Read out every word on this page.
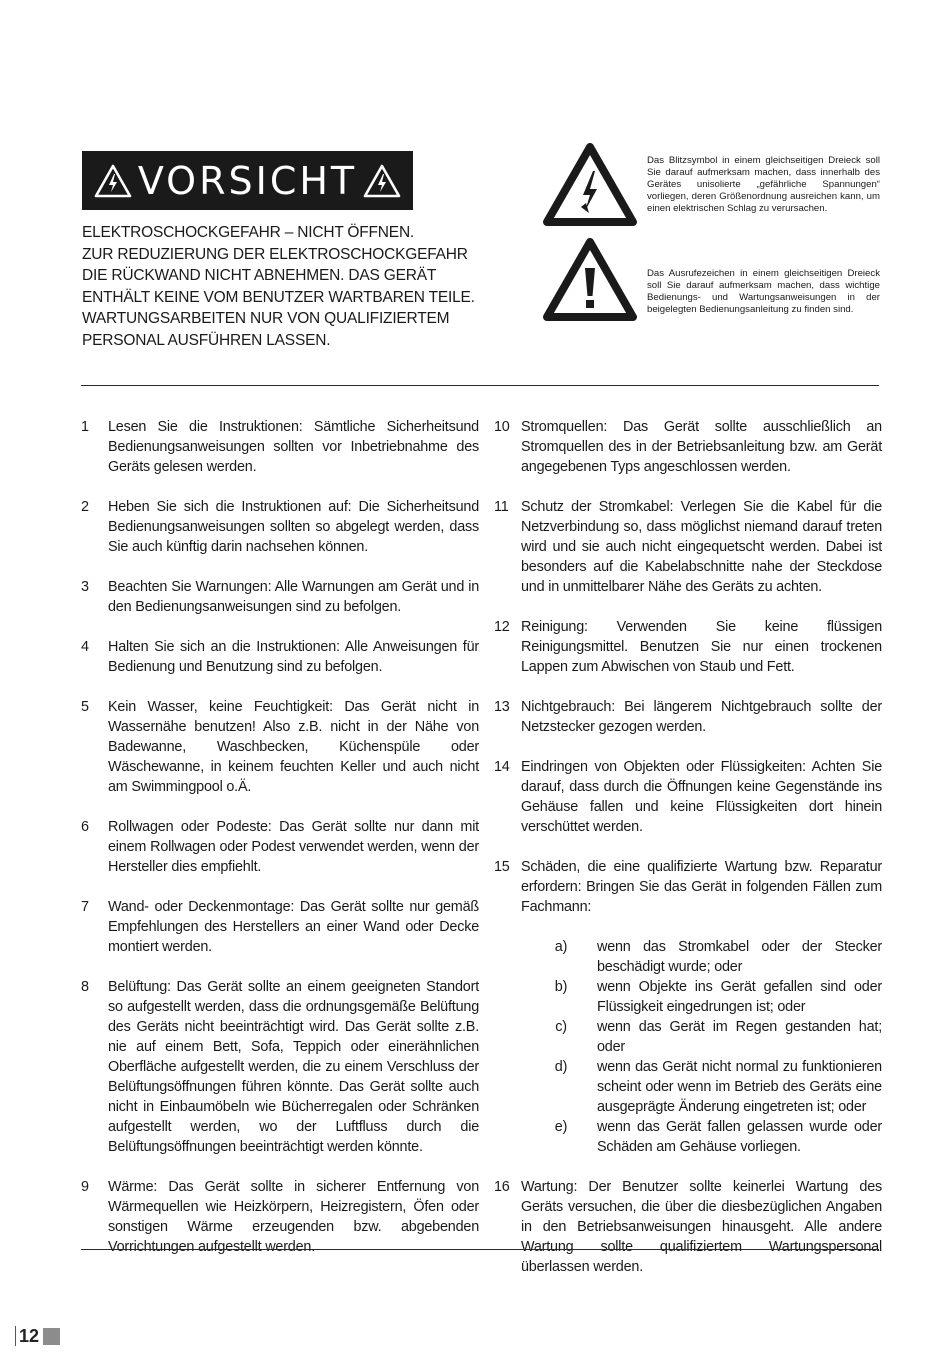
VORSICHT
ELEKTROSCHOCKGEFAHR – NICHT ÖFFNEN.
ZUR REDUZIERUNG DER ELEKTROSCHOCKGEFAHR
DIE RÜCKWAND NICHT ABNEHMEN. DAS GERÄT
ENTHÄLT KEINE VOM BENUTZER WARTBAREN TEILE.
WARTUNGSARBEITEN NUR VON QUALIFIZIERTEM
PERSONAL AUSFÜHREN LASSEN.
Das Blitzsymbol in einem gleichseitigen Dreieck soll Sie darauf aufmerksam machen, dass innerhalb des Gerätes unisolierte „gefährliche Spannungen“ vorliegen, deren Größenordnung ausreichen kann, um einen elektrischen Schlag zu verursachen.
Das Ausrufezeichen in einem gleichseitigen Dreieck soll Sie darauf aufmerksam machen, dass wichtige Bedienungs- und Wartungsanweisungen in der beigelegten Bedienungsanleitung zu finden sind.
1 Lesen Sie die Instruktionen: Sämtliche Sicherheitsund Bedienungsanweisungen sollten vor Inbetriebnahme des Geräts gelesen werden.
2 Heben Sie sich die Instruktionen auf: Die Sicherheitsund Bedienungsanweisungen sollten so abgelegt werden, dass Sie auch künftig darin nachsehen können.
3 Beachten Sie Warnungen: Alle Warnungen am Gerät und in den Bedienungsanweisungen sind zu befolgen.
4 Halten Sie sich an die Instruktionen: Alle Anweisungen für Bedienung und Benutzung sind zu befolgen.
5 Kein Wasser, keine Feuchtigkeit: Das Gerät nicht in Wassernähe benutzen! Also z.B. nicht in der Nähe von Badewanne, Waschbecken, Küchenspüle oder Wäschewanne, in keinem feuchten Keller und auch nicht am Swimmingpool o.Ä.
6 Rollwagen oder Podeste: Das Gerät sollte nur dann mit einem Rollwagen oder Podest verwendet werden, wenn der Hersteller dies empfiehlt.
7 Wand- oder Deckenmontage: Das Gerät sollte nur gemäß Empfehlungen des Herstellers an einer Wand oder Decke montiert werden.
8 Belüftung: Das Gerät sollte an einem geeigneten Standort so aufgestellt werden, dass die ordnungsgemäße Belüftung des Geräts nicht beeinträchtigt wird. Das Gerät sollte z.B. nie auf einem Bett, Sofa, Teppich oder einerähnlichen Oberfläche aufgestellt werden, die zu einem Verschluss der Belüftungsöffnungen führen könnte. Das Gerät sollte auch nicht in Einbaumöbeln wie Bücherregalen oder Schränken aufgestellt werden, wo der Luftfluss durch die Belüftungsöffnungen beeinträchtigt werden könnte.
9 Wärme: Das Gerät sollte in sicherer Entfernung von Wärmequellen wie Heizkörpern, Heizregistern, Öfen oder sonstigen Wärme erzeugenden bzw. abgebenden Vorrichtungen aufgestellt werden.
10 Stromquellen: Das Gerät sollte ausschließlich an Stromquellen des in der Betriebsanleitung bzw. am Gerät angegebenen Typs angeschlossen werden.
11 Schutz der Stromkabel: Verlegen Sie die Kabel für die Netzverbindung so, dass möglichst niemand darauf treten wird und sie auch nicht eingequetscht werden. Dabei ist besonders auf die Kabelabschnitte nahe der Steckdose und in unmittelbarer Nähe des Geräts zu achten.
12 Reinigung: Verwenden Sie keine flüssigen Reinigungsmittel. Benutzen Sie nur einen trockenen Lappen zum Abwischen von Staub und Fett.
13 Nichtgebrauch: Bei längerem Nichtgebrauch sollte der Netzstecker gezogen werden.
14 Eindringen von Objekten oder Flüssigkeiten: Achten Sie darauf, dass durch die Öffnungen keine Gegenstände ins Gehäuse fallen und keine Flüssigkeiten dort hinein verschüttet werden.
15 Schäden, die eine qualifizierte Wartung bzw. Reparatur erfordern: Bringen Sie das Gerät in folgenden Fällen zum Fachmann:
a)	wenn das Stromkabel oder der Stecker beschädigt wurde; oder
b)	wenn Objekte ins Gerät gefallen sind oder Flüssigkeit eingedrungen ist; oder
c)	wenn das Gerät im Regen gestanden hat; oder
d)	wenn das Gerät nicht normal zu funktionieren scheint oder wenn im Betrieb des Geräts eine ausgeprägte Änderung eingetreten ist; oder
e)	wenn das Gerät fallen gelassen wurde oder Schäden am Gehäuse vorliegen.
16 Wartung: Der Benutzer sollte keinerlei Wartung des Geräts versuchen, die über die diesbezüglichen Angaben in den Betriebsanweisungen hinausgeht. Alle andere Wartung sollte qualifiziertem Wartungspersonal überlassen werden.
12
